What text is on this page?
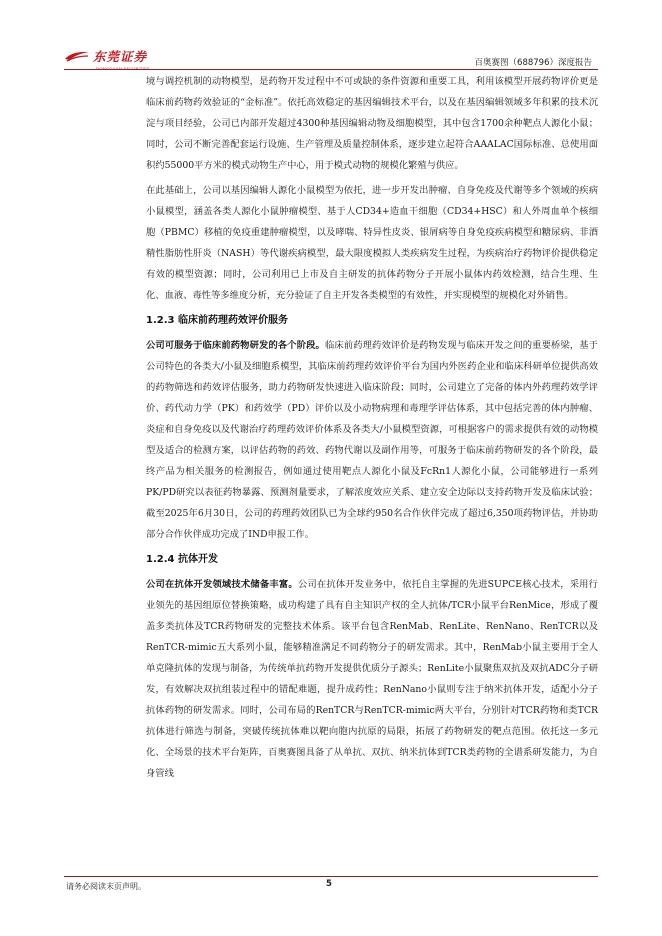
东莞证券
DONGGUAN SECURITIES
百奥赛图（688796）深度报告

境与调控机制的动物模型，是药物开发过程中不可或缺的条件资源和重要工具，利用该模型开展药物评价更是临床前药物药效验证的“金标准”。依托高效稳定的基因编辑技术平台，以及在基因编辑领域多年积累的技术沉淀与项目经验，公司已内部开发超过4300种基因编辑动物及细胞模型，其中包含1700余种靶点人源化小鼠；同时，公司不断完善配套运行设施、生产管理及质量控制体系，逐步建立起符合AAALAC国际标准、总使用面积约55000平方米的模式动物生产中心，用于模式动物的规模化繁殖与供应。

在此基础上，公司以基因编辑人源化小鼠模型为依托，进一步开发出肿瘤、自身免疫及代谢等多个领域的疾病小鼠模型，涵盖各类人源化小鼠肿瘤模型、基于人CD34+造血干细胞（CD34+HSC）和人外周血单个核细胞（PBMC）移植的免疫重建肿瘤模型，以及哮喘、特异性皮炎、银屑病等自身免疫疾病模型和糖尿病、非酒精性脂肪性肝炎（NASH）等代谢疾病模型，最大限度模拟人类疾病发生过程，为疾病治疗药物评价提供稳定有效的模型资源；同时，公司利用已上市及自主研发的抗体药物分子开展小鼠体内药效检测，结合生理、生化、血液、毒性等多维度分析，充分验证了自主开发各类模型的有效性，并实现模型的规模化对外销售。

1.2.3 临床前药理药效评价服务

公司可服务于临床前药物研发的各个阶段。临床前药理药效评价是药物发现与临床开发之间的重要桥梁，基于公司特色的各类大/小鼠及细胞系模型，其临床前药理药效评价平台为国内外医药企业和临床科研单位提供高效的药物筛选和药效评估服务，助力药物研发快速进入临床阶段；同时，公司建立了完备的体内外药理药效学评价、药代动力学（PK）和药效学（PD）评价以及小动物病理和毒理学评估体系，其中包括完善的体内肿瘤、炎症和自身免疫以及代谢治疗药理药效评价体系及各类大/小鼠模型资源，可根据客户的需求提供有效的动物模型及适合的检测方案，以评估药物的药效、药物代谢以及副作用等，可服务于临床前药物研发的各个阶段，最终产品为相关服务的检测报告，例如通过使用靶点人源化小鼠及FcRn1人源化小鼠，公司能够进行一系列PK/PD研究以表征药物暴露、预测剂量要求，了解浓度效应关系、建立安全边际以支持药物开发及临床试验；截至2025年6月30日，公司的药理药效团队已为全球约950名合作伙伴完成了超过6,350项药物评估，并协助部分合作伙伴成功完成了IND申报工作。

1.2.4 抗体开发

公司在抗体开发领域技术储备丰富。公司在抗体开发业务中，依托自主掌握的先进SUPCE核心技术，采用行业领先的基因组原位替换策略，成功构建了具有自主知识产权的全人抗体/TCR小鼠平台RenMice，形成了覆盖多类抗体及TCR药物研发的完整技术体系。该平台包含RenMab、RenLite、RenNano、RenTCR以及RenTCR-mimic五大系列小鼠，能够精准满足不同药物分子的研发需求。其中，RenMab小鼠主要用于全人单克隆抗体的发现与制备，为传统单抗药物开发提供优质分子源头；RenLite小鼠聚焦双抗及双抗ADC分子研发，有效解决双抗组装过程中的错配难题，提升成药性；RenNano小鼠则专注于纳米抗体开发，适配小分子抗体药物的研发需求。同时，公司布局的RenTCR与RenTCR-mimic两大平台，分别针对TCR药物和类TCR抗体进行筛选与制备，突破传统抗体难以靶向胞内抗原的局限，拓展了药物研发的靶点范围。依托这一多元化、全场景的技术平台矩阵，百奥赛图具备了从单抗、双抗、纳米抗体到TCR类药物的全谱系研发能力，为自身管线

请务必阅读末页声明。	5
